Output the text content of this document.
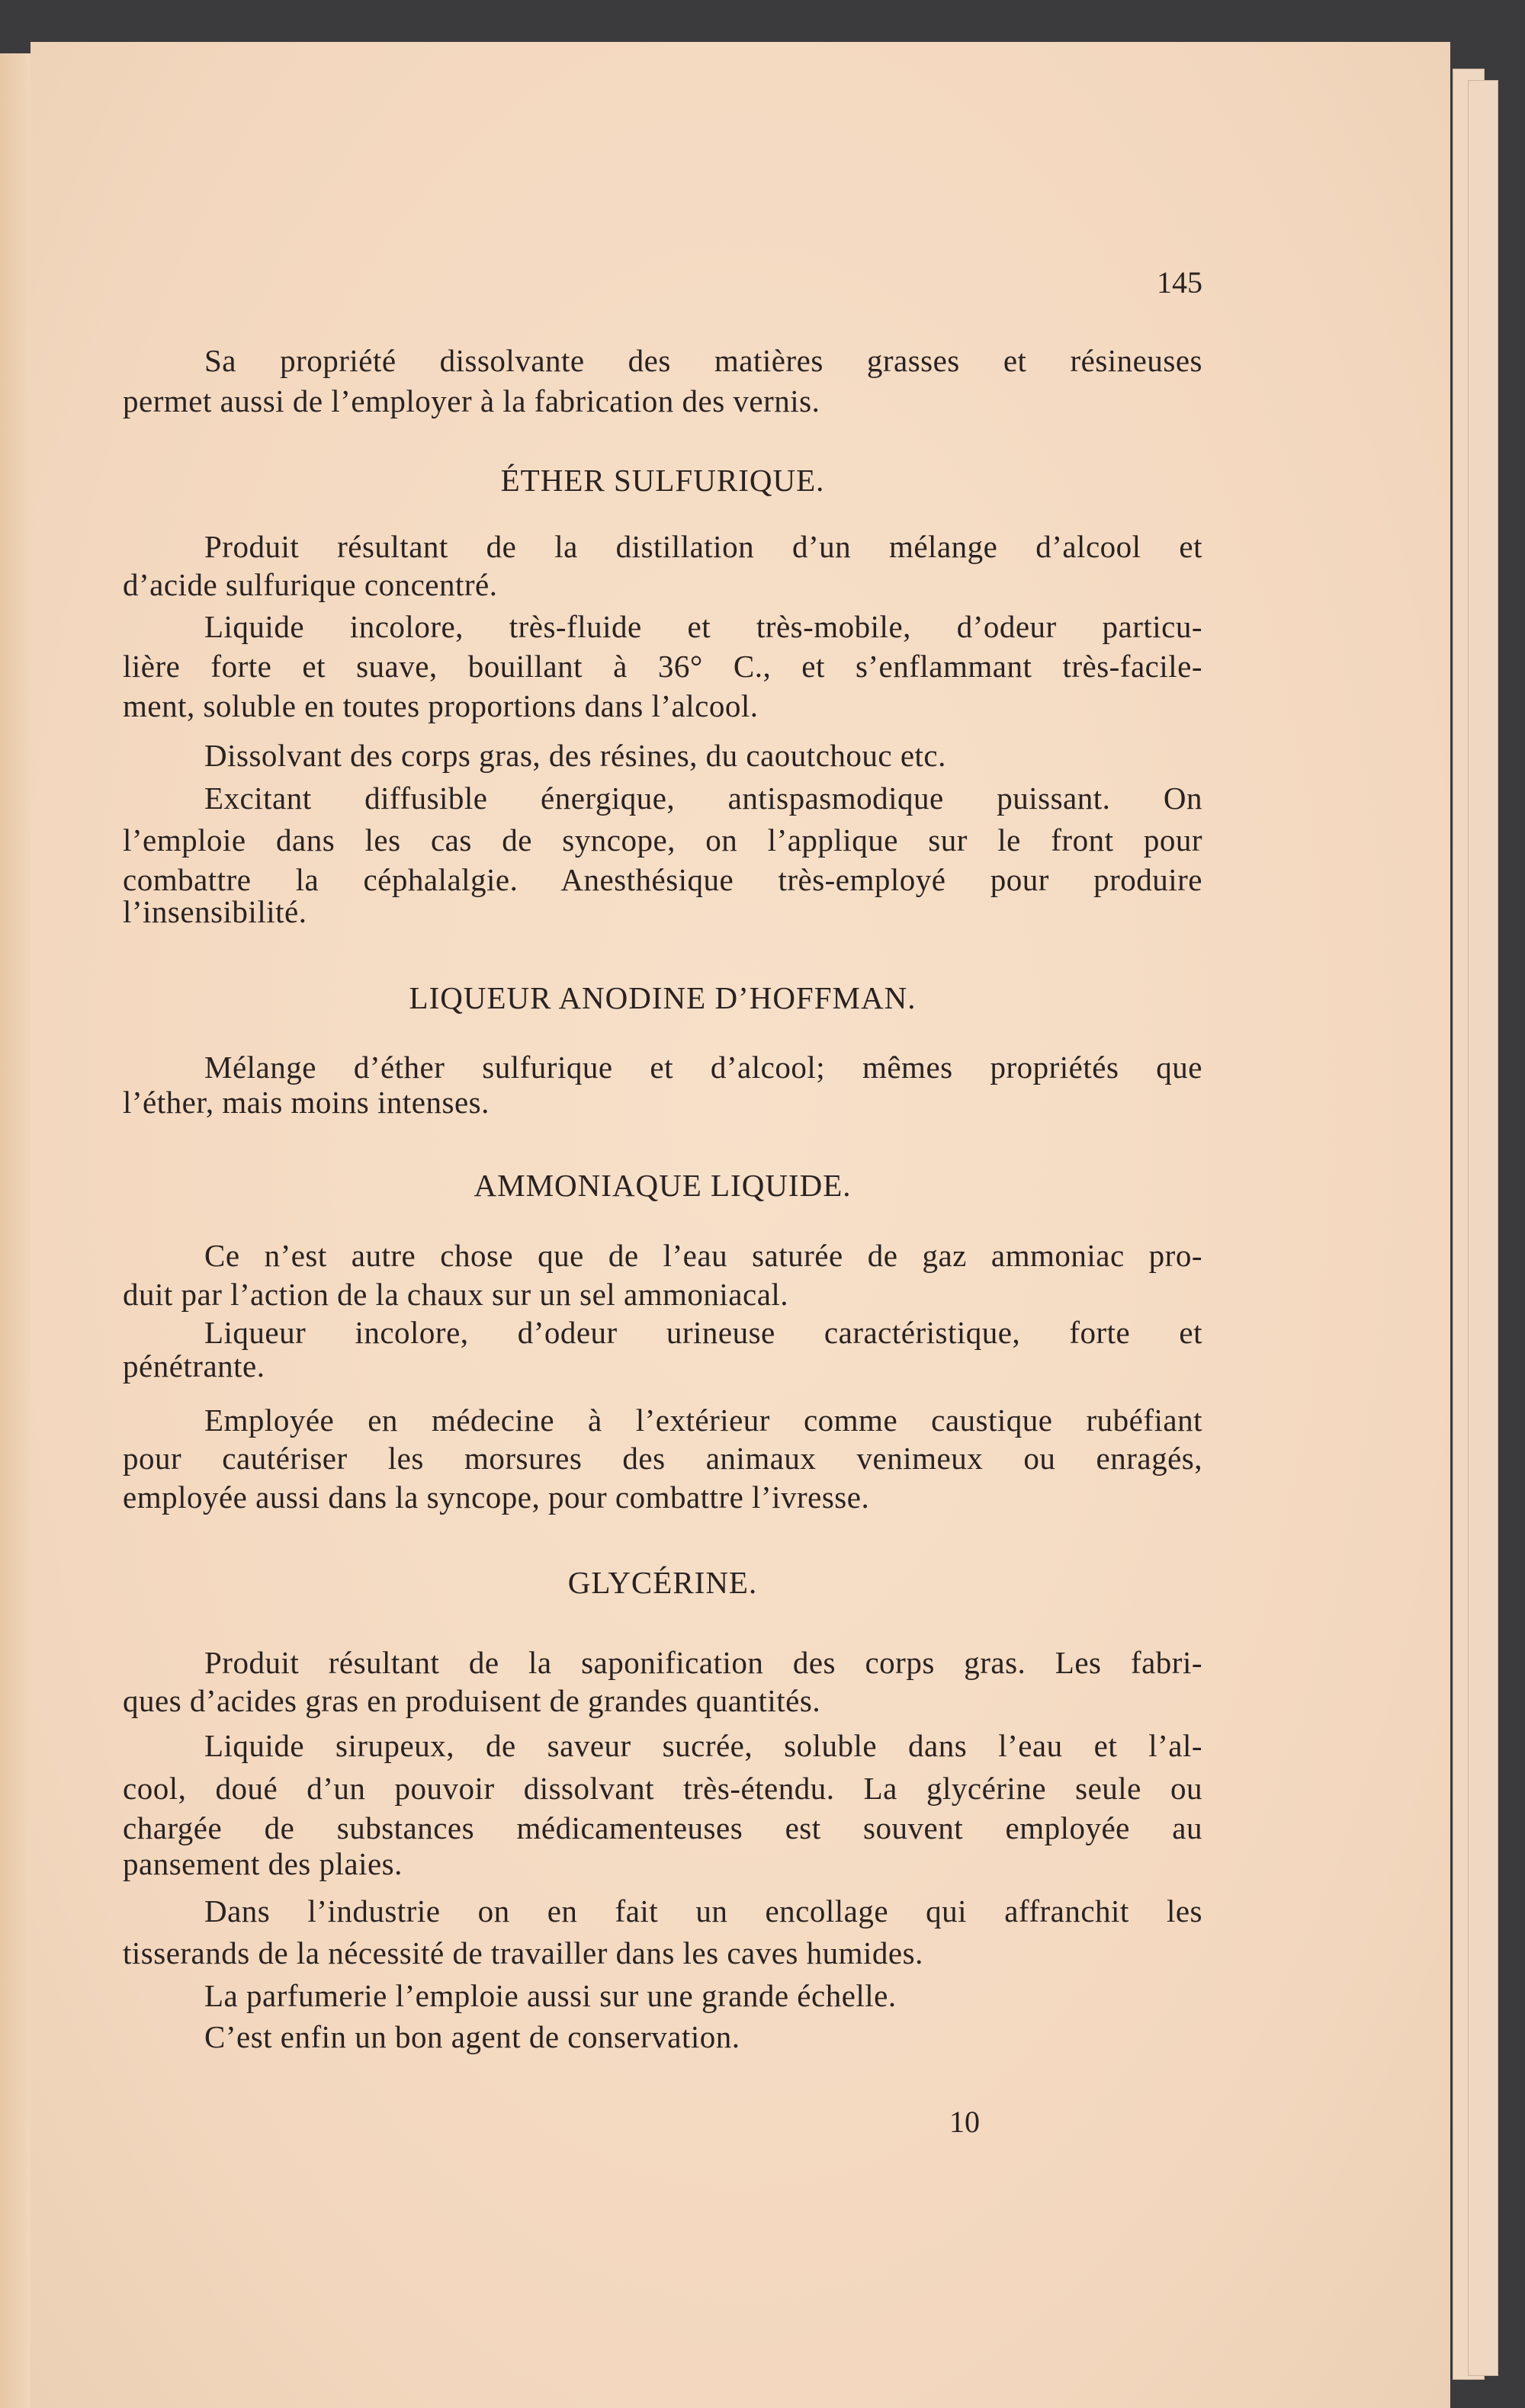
145
10
Sa propriété dissolvante des matières grasses et résineuses
permet aussi de l’employer à la fabrication des vernis.
ÉTHER SULFURIQUE.
Produit résultant de la distillation d’un mélange d’alcool et
d’acide sulfurique concentré.
Liquide incolore, très-fluide et très-mobile, d’odeur particu-
lière forte et suave, bouillant à 36° C., et s’enflammant très-facile-
ment, soluble en toutes proportions dans l’alcool.
Dissolvant des corps gras, des résines, du caoutchouc etc.
Excitant diffusible énergique, antispasmodique puissant. On
l’emploie dans les cas de syncope, on l’applique sur le front pour
combattre la céphalalgie. Anesthésique très-employé pour produire
l’insensibilité.
LIQUEUR ANODINE D’HOFFMAN.
Mélange d’éther sulfurique et d’alcool; mêmes propriétés que
l’éther, mais moins intenses.
AMMONIAQUE LIQUIDE.
Ce n’est autre chose que de l’eau saturée de gaz ammoniac pro-
duit par l’action de la chaux sur un sel ammoniacal.
Liqueur incolore, d’odeur urineuse caractéristique, forte et
pénétrante.
Employée en médecine à l’extérieur comme caustique rubéfiant
pour cautériser les morsures des animaux venimeux ou enragés,
employée aussi dans la syncope, pour combattre l’ivresse.
GLYCÉRINE.
Produit résultant de la saponification des corps gras. Les fabri-
ques d’acides gras en produisent de grandes quantités.
Liquide sirupeux, de saveur sucrée, soluble dans l’eau et l’al-
cool, doué d’un pouvoir dissolvant très-étendu. La glycérine seule ou
chargée de substances médicamenteuses est souvent employée au
pansement des plaies.
Dans l’industrie on en fait un encollage qui affranchit les
tisserands de la nécessité de travailler dans les caves humides.
La parfumerie l’emploie aussi sur une grande échelle.
C’est enfin un bon agent de conservation.
